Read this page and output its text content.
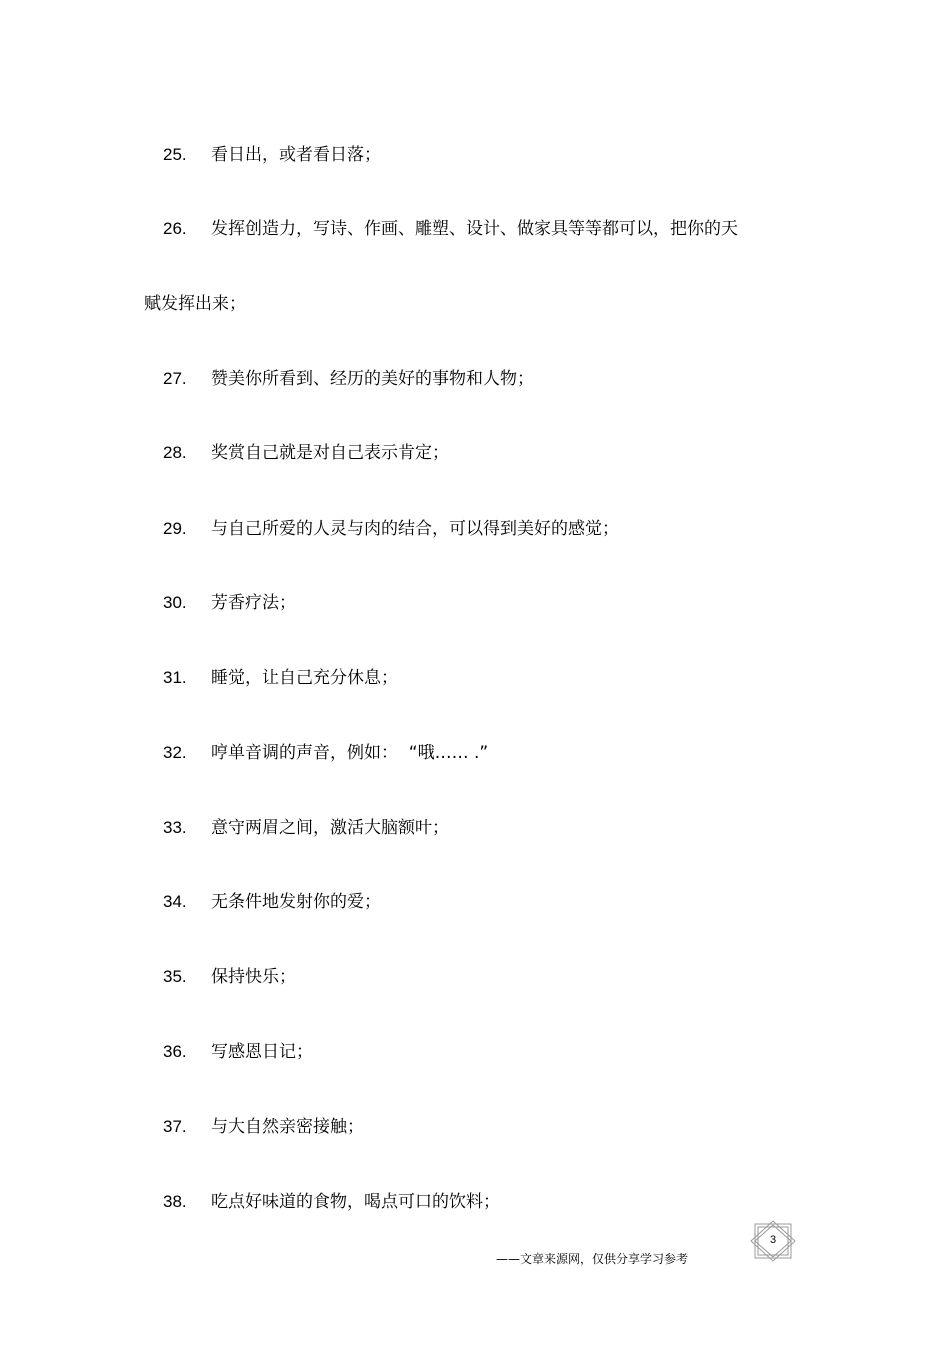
25. 看日出，或者看日落；
26. 发挥创造力，写诗、作画、雕塑、设计、做家具等等都可以，把你的天
赋发挥出来；
27. 赞美你所看到、经历的美好的事物和人物；
28. 奖赏自己就是对自己表示肯定；
29. 与自己所爱的人灵与肉的结合，可以得到美好的感觉；
30. 芳香疗法；
31. 睡觉，让自己充分休息；
32. 哼单音调的声音，例如：  “哦…… .”
33. 意守两眉之间，激活大脑额叶；
34. 无条件地发射你的爱；
35. 保持快乐；
36. 写感恩日记；
37. 与大自然亲密接触；
38. 吃点好味道的食物，喝点可口的饮料；
3
——文章来源网，仅供分享学习参考
